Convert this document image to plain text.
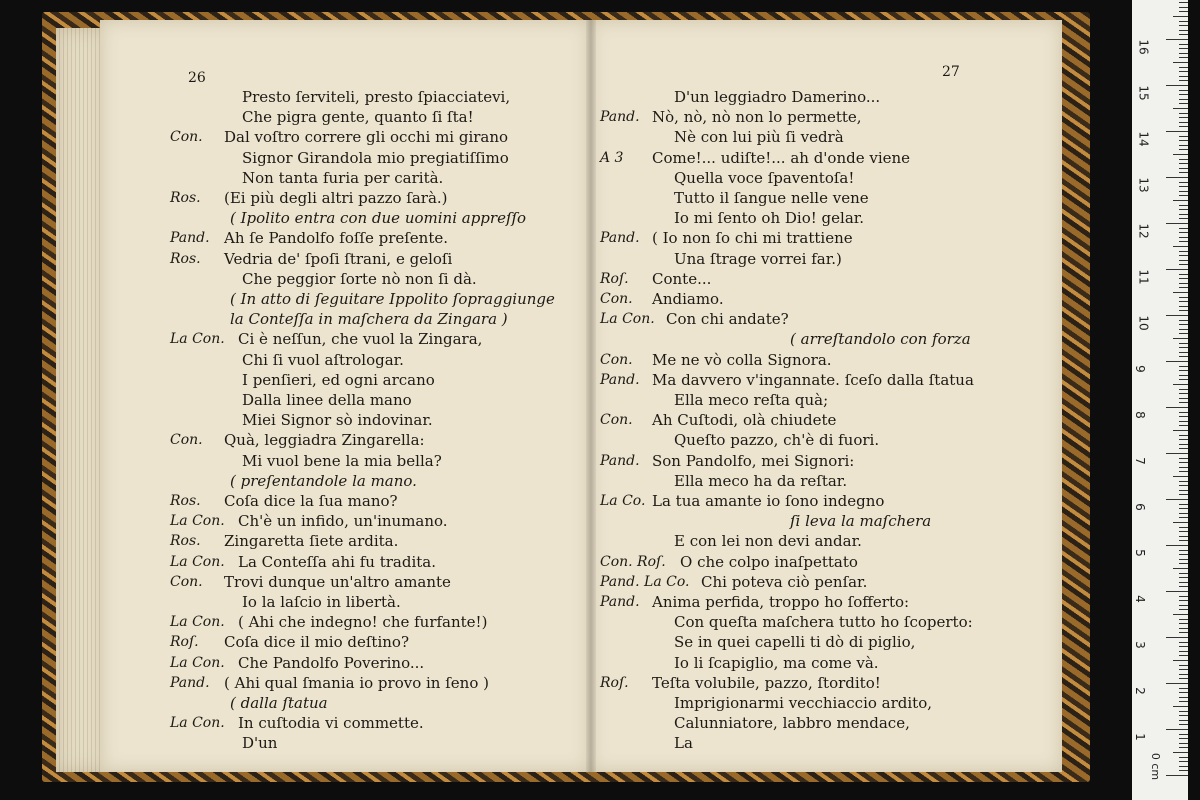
26
Presto ſerviteli, presto ſpiacciatevi,
Che pigra gente, quanto ſi ſta!
Con. Dal voſtro correre gli occhi mi girano
Signor Girandola mio pregiatiſſimo
Non tanta furia per carità.
Ros. (Ei più degli altri pazzo ſarà.)
( Ipolito entra con due uomini appreſſo
Pand. Ah ſe Pandolfo foſſe preſente.
Ros. Vedria de' ſpoſi ſtrani, e geloſi
Che peggior ſorte nò non ſi dà.
( In atto di ſeguitare Ippolito ſopraggiunge
la Conteſſa in maſchera da Zingara )
La Con. Ci è neſſun, che vuol la Zingara,
Chi ſi vuol aſtrologar.
I penſieri, ed ogni arcano
Dalla linee della mano
Miei Signor sò indovinar.
Con. Quà, leggiadra Zingarella:
Mi vuol bene la mia bella?
( preſentandole la mano.
Ros. Coſa dice la ſua mano?
La Con. Ch'è un infido, un'inumano.
Ros. Zingaretta ſiete ardita.
La Con. La Conteſſa ahi fu tradita.
Con. Trovi dunque un'altro amante
Io la laſcio in libertà.
La Con. ( Ahi che indegno! che furfante!)
Roſ. Coſa dice il mio deſtino?
La Con. Che Pandolfo Poverino...
Pand. ( Ahi qual ſmania io provo in ſeno )
( dalla ſtatua
La Con. In cuſtodia vi commette.
D'un
27
D'un leggiadro Damerino...
Pand. Nò, nò, nò non lo permette,
Nè con lui più ſi vedrà
A 3 Come!... udiſte!... ah d'onde viene
Quella voce ſpaventoſa!
Tutto il ſangue nelle vene
Io mi ſento oh Dio! gelar.
Pand. ( Io non ſo chi mi trattiene
Una ſtrage vorrei far.)
Roſ. Conte...
Con. Andiamo.
La Con. Con chi andate?
( arreſtandolo con forza
Con. Me ne vò colla Signora.
Pand. Ma davvero v'ingannate. ſceſo dalla ſtatua
Ella meco reſta quà;
Con. Ah Cuſtodi, olà chiudete
Queſto pazzo, ch'è di fuori.
Pand. Son Pandolfo, mei Signori:
Ella meco ha da reſtar.
La Co. La tua amante io ſono indegno
ſi leva la maſchera
E con lei non devi andar.
Con. Roſ. O che colpo inaſpettato
Pand. La Co. Chi poteva ciò penſar.
Pand. Anima perfida, troppo ho ſofferto:
Con queſta maſchera tutto ho ſcoperto:
Se in quei capelli ti dò di piglio,
Io li ſcapiglio, ma come và.
Roſ. Teſta volubile, pazzo, ſtordito!
Imprigionarmi vecchiaccio ardito,
Calunniatore, labbro mendace,
La	1
2
3
4
5
6
7
8
9
10
11
12
13
14
15
16
0 cm
